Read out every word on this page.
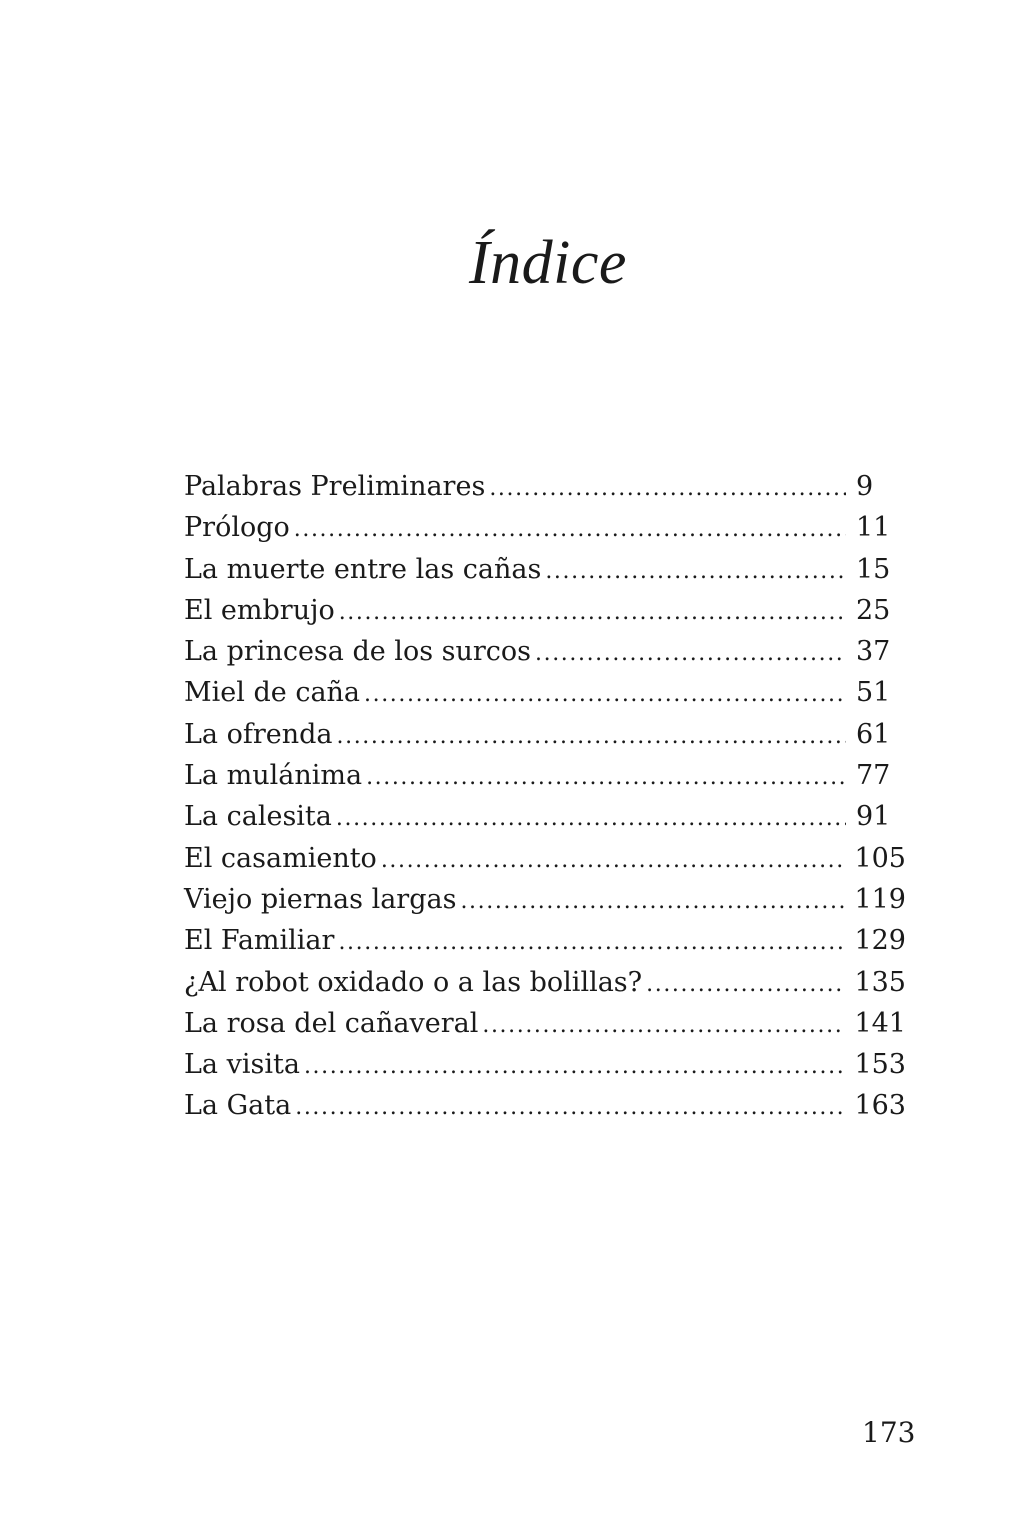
Índice
Palabras Preliminares .....	9
Prólogo .....	11
La muerte entre las cañas .....	15
El embrujo .....	25
La princesa de los surcos .....	37
Miel de caña .....	51
La ofrenda .....	61
La mulánima .....	77
La calesita .....	91
El casamiento .....	105
Viejo piernas largas .....	119
El Familiar .....	129
¿Al robot oxidado o a las bolillas? .....	135
La rosa del cañaveral .....	141
La visita .....	153
La Gata .....	163
173
